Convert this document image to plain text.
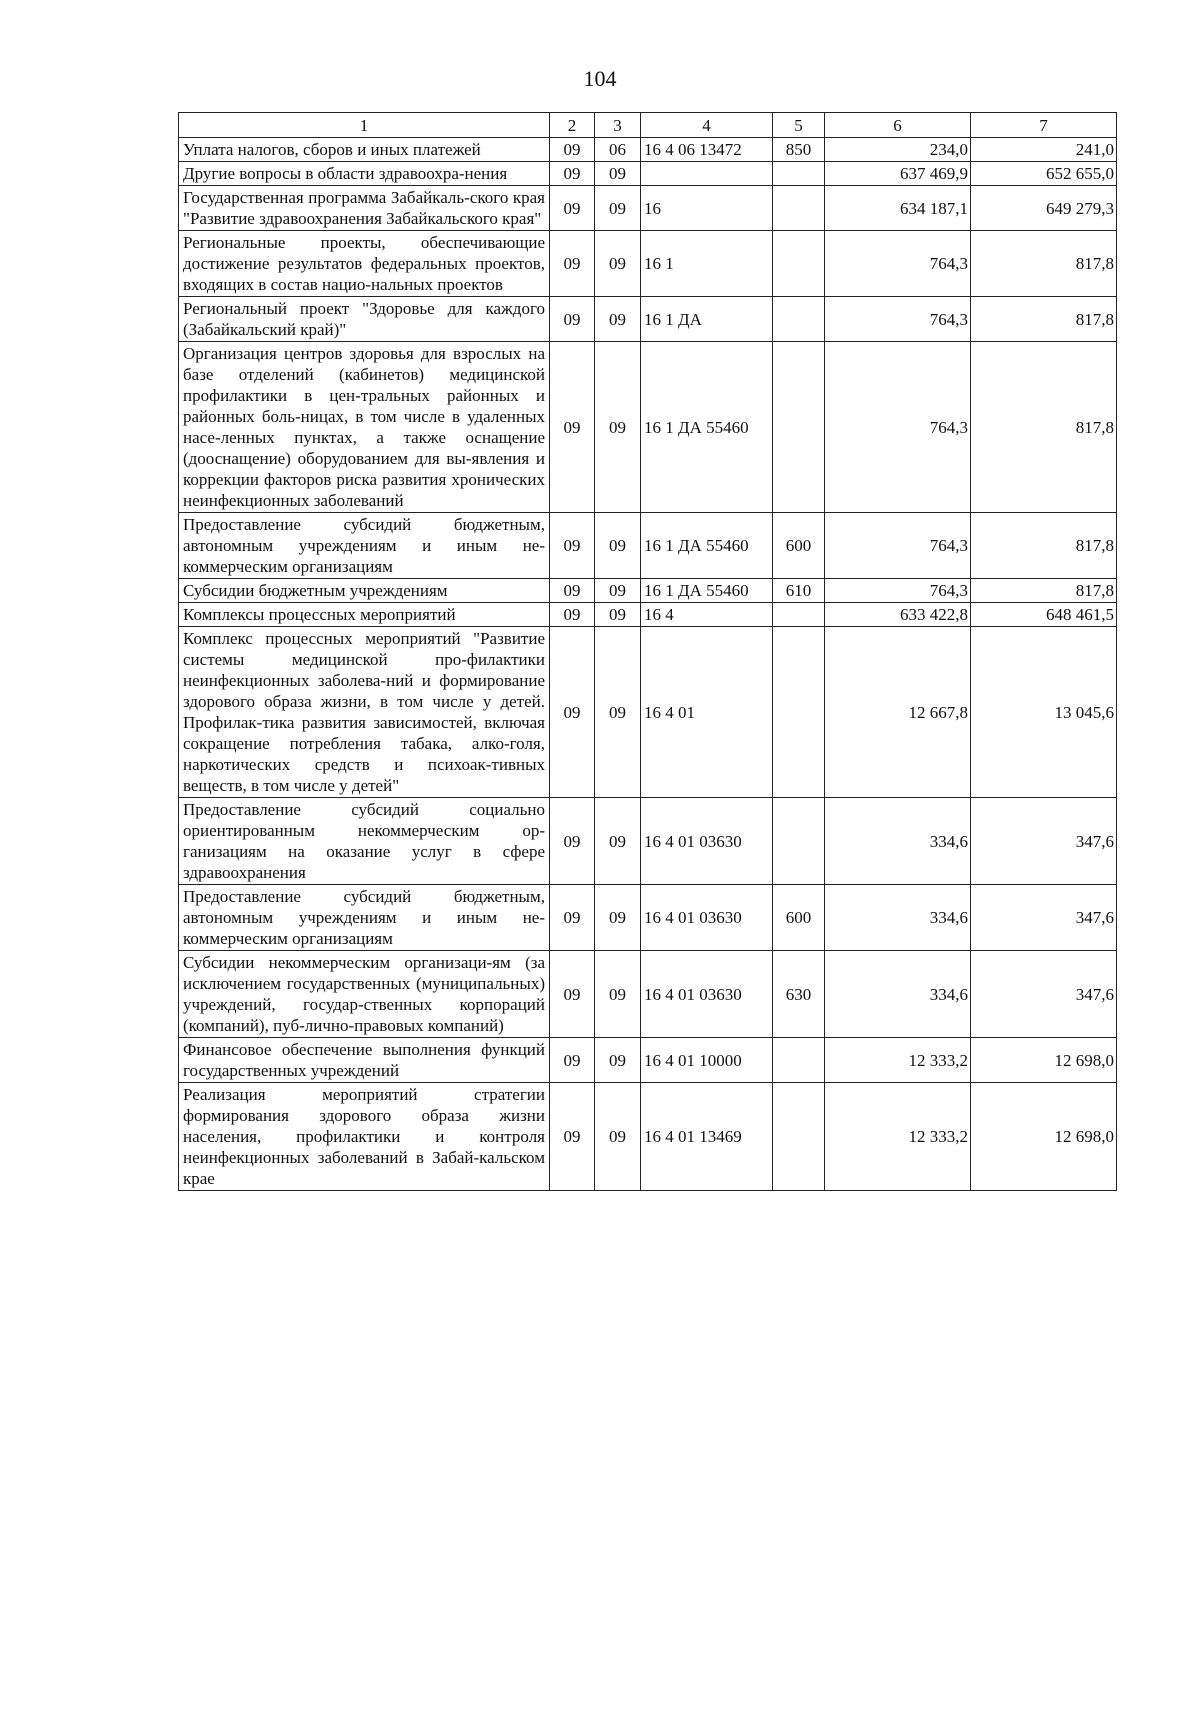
104
1	2	3	4	5	6	7
Уплата налогов, сборов и иных платежей	09	06	16 4 06 13472	850	234,0	241,0
Другие вопросы в области здравоохра-нения	09	09			637 469,9	652 655,0
Государственная программа Забайкаль-ского края "Развитие здравоохранения Забайкальского края"	09	09	16		634 187,1	649 279,3
Региональные проекты, обеспечивающие достижение результатов федеральных проектов, входящих в состав нацио-нальных проектов	09	09	16 1		764,3	817,8
Региональный проект "Здоровье для каждого (Забайкальский край)"	09	09	16 1 ДА		764,3	817,8
Организация центров здоровья для взрослых на базе отделений (кабинетов) медицинской профилактики в цен-тральных районных и районных боль-ницах, в том числе в удаленных насе-ленных пунктах, а также оснащение (дооснащение) оборудованием для вы-явления и коррекции факторов риска развития хронических неинфекционных заболеваний	09	09	16 1 ДА 55460		764,3	817,8
Предоставление субсидий бюджетным, автономным учреждениям и иным не-коммерческим организациям	09	09	16 1 ДА 55460	600	764,3	817,8
Субсидии бюджетным учреждениям	09	09	16 1 ДА 55460	610	764,3	817,8
Комплексы процессных мероприятий	09	09	16 4		633 422,8	648 461,5
Комплекс процессных мероприятий "Развитие системы медицинской про-филактики неинфекционных заболева-ний и формирование здорового образа жизни, в том числе у детей. Профилак-тика развития зависимостей, включая сокращение потребления табака, алко-голя, наркотических средств и психоак-тивных веществ, в том числе у детей"	09	09	16 4 01		12 667,8	13 045,6
Предоставление субсидий социально ориентированным некоммерческим ор-ганизациям на оказание услуг в сфере здравоохранения	09	09	16 4 01 03630		334,6	347,6
Предоставление субсидий бюджетным, автономным учреждениям и иным не-коммерческим организациям	09	09	16 4 01 03630	600	334,6	347,6
Субсидии некоммерческим организаци-ям (за исключением государственных (муниципальных) учреждений, государ-ственных корпораций (компаний), пуб-лично-правовых компаний)	09	09	16 4 01 03630	630	334,6	347,6
Финансовое обеспечение выполнения функций государственных учреждений	09	09	16 4 01 10000		12 333,2	12 698,0
Реализация мероприятий стратегии формирования здорового образа жизни населения, профилактики и контроля неинфекционных заболеваний в Забай-кальском крае	09	09	16 4 01 13469		12 333,2	12 698,0
